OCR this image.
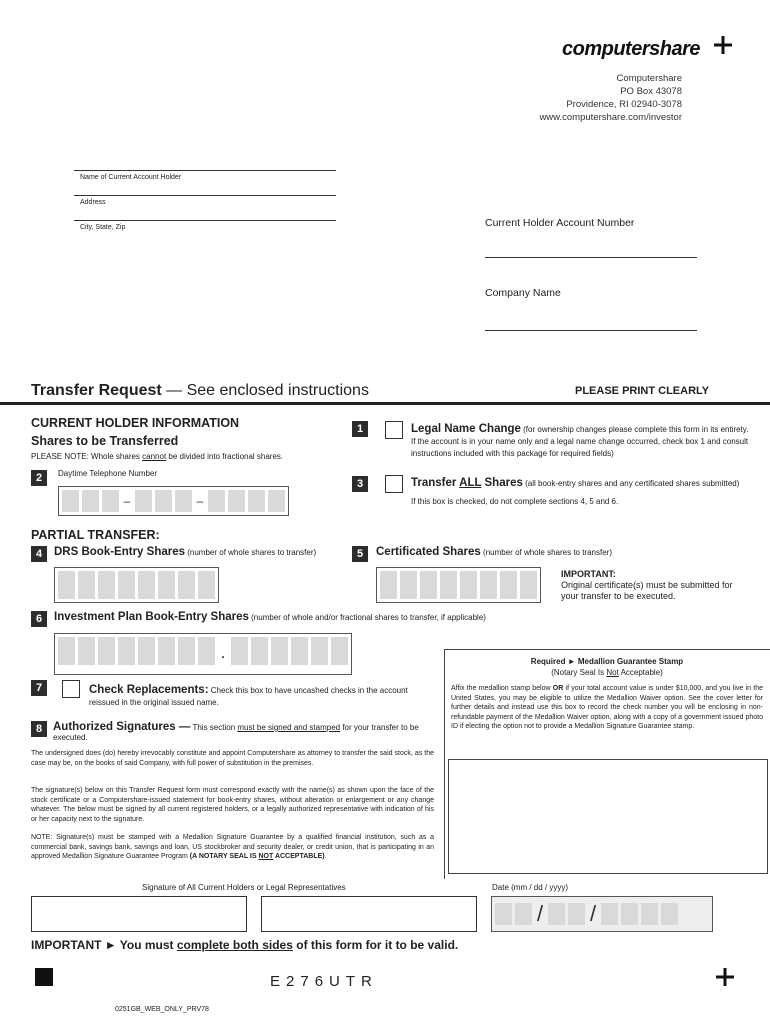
computershare
Computershare
PO Box 43078
Providence, RI 02940-3078
www.computershare.com/investor
Name of Current Account Holder
Address
City, State, Zip	Current Holder Account Number
Company Name
Transfer Request — See enclosed instructions	PLEASE PRINT CLEARLY
CURRENT HOLDER INFORMATION
Shares to be Transferred
PLEASE NOTE: Whole shares cannot be divided into fractional shares.
1	Legal Name Change (for ownership changes please complete this form in its entirety. If the account is in your name only and a legal name change occurred, check box 1 and consult instructions included with this package for required fields)
2	Daytime Telephone Number
–	–
3	Transfer ALL Shares (all book-entry shares and any certificated shares submitted)
If this box is checked, do not complete sections 4, 5 and 6.
PARTIAL TRANSFER:
4	DRS Book-Entry Shares (number of whole shares to transfer)	5	Certificated Shares (number of whole shares to transfer)
IMPORTANT:
Original certificate(s) must be submitted for your transfer to be executed.
6	Investment Plan Book-Entry Shares (number of whole and/or fractional shares to transfer, if applicable)
.
Required ► Medallion Guarantee Stamp
(Notary Seal Is Not Acceptable)
Affix the medallion stamp below OR if your total account value is under $10,000, and you live in the United States, you may be eligible to utilize the Medallion Waiver option. See the cover letter for further details and instead use this box to record the check number you will be enclosing in non-refundable payment of the Medallion Waiver option, along with a copy of a government issued photo ID if electing the option not to provide a Medallion Signature Guarantee stamp.
7	Check Replacements: Check this box to have uncashed checks in the account reissued in the original issued name.
8 Authorized Signatures — This section must be signed and stamped for your transfer to be executed.
The undersigned does (do) hereby irrevocably constitute and appoint Computershare as attorney to transfer the said stock, as the case may be, on the books of said Company, with full power of substitution in the premises.
The signature(s) below on this Transfer Request form must correspond exactly with the name(s) as shown upon the face of the stock certificate or a Computershare-issued statement for book-entry shares, without alteration or enlargement or any change whatever. The below must be signed by all current registered holders, or a legally authorized representative with indication of his or her capacity next to the signature.
NOTE: Signature(s) must be stamped with a Medallion Signature Guarantee by a qualified financial institution, such as a commercial bank, savings bank, savings and loan, US stockbroker and security dealer, or credit union, that is participating in an approved Medallion Signature Guarantee Program (A NOTARY SEAL IS NOT ACCEPTABLE).
Signature of All Current Holders or Legal Representatives	Date (mm / dd / yyyy)
/ /
IMPORTANT ► You must complete both sides of this form for it to be valid.
E276UTR
0251GB_WEB_ONLY_PRV78
